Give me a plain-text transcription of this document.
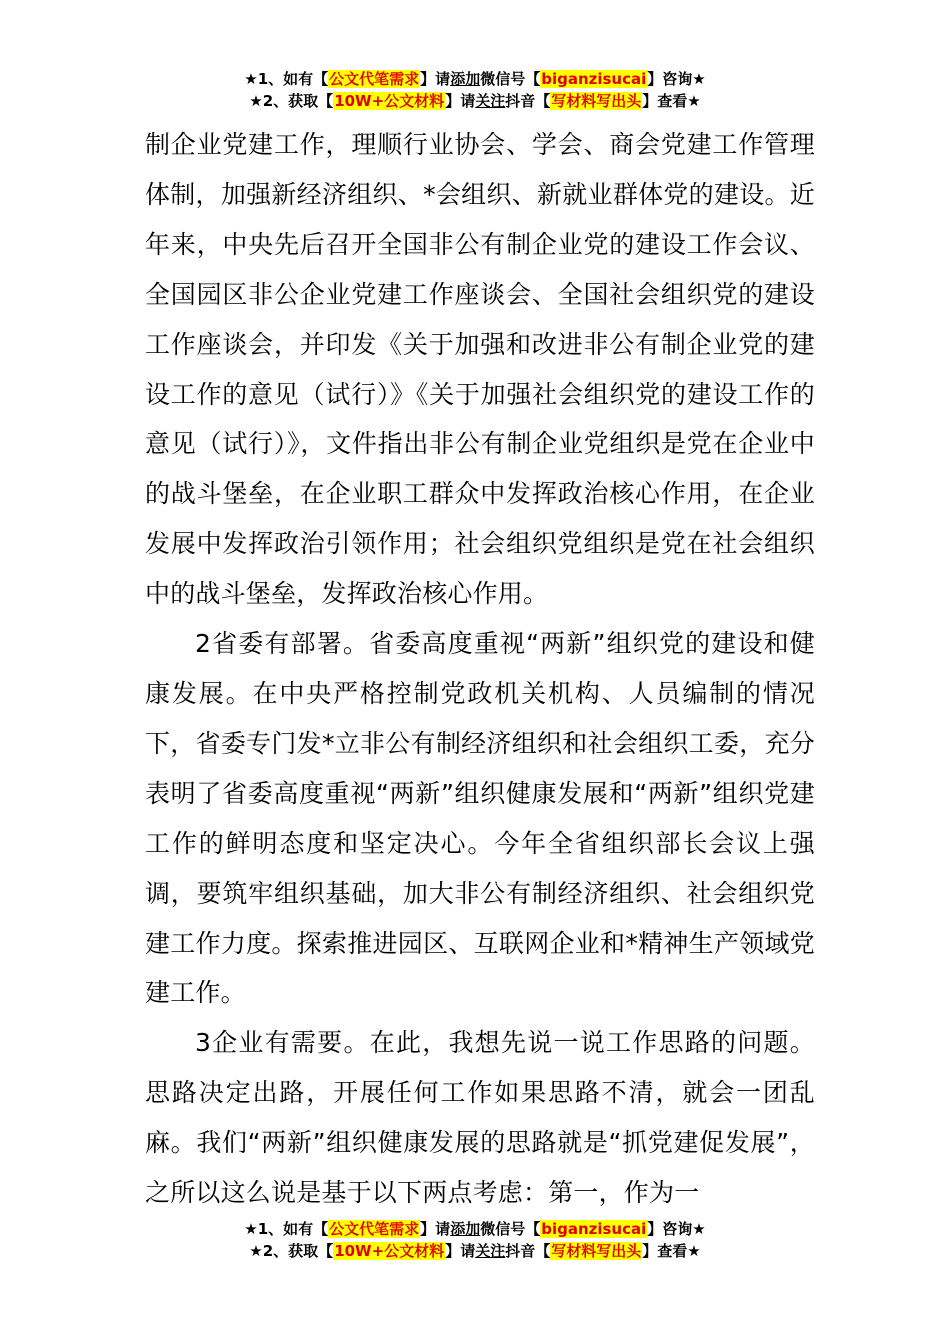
★1、如有【公文代笔需求】请添加微信号【biganzisucai】咨询★
★2、获取【10W+公文材料】请关注抖音【写材料写出头】查看★

制企业党建工作，理顺行业协会、学会、商会党建工作管理体制，加强新经济组织、*会组织、新就业群体党的建设。近年来，中央先后召开全国非公有制企业党的建设工作会议、全国园区非公企业党建工作座谈会、全国社会组织党的建设工作座谈会，并印发《关于加强和改进非公有制企业党的建设工作的意见（试行）》《关于加强社会组织党的建设工作的意见（试行）》，文件指出非公有制企业党组织是党在企业中的战斗堡垒，在企业职工群众中发挥政治核心作用，在企业发展中发挥政治引领作用；社会组织党组织是党在社会组织中的战斗堡垒，发挥政治核心作用。

2省委有部署。省委高度重视“两新”组织党的建设和健康发展。在中央严格控制党政机关机构、人员编制的情况下，省委专门发*立非公有制经济组织和社会组织工委，充分表明了省委高度重视“两新”组织健康发展和“两新”组织党建工作的鲜明态度和坚定决心。今年全省组织部长会议上强调，要筑牢组织基础，加大非公有制经济组织、社会组织党建工作力度。探索推进园区、互联网企业和*精神生产领域党建工作。

3企业有需要。在此，我想先说一说工作思路的问题。思路决定出路，开展任何工作如果思路不清，就会一团乱麻。我们“两新”组织健康发展的思路就是“抓党建促发展”，之所以这么说是基于以下两点考虑：第一，作为一

★1、如有【公文代笔需求】请添加微信号【biganzisucai】咨询★
★2、获取【10W+公文材料】请关注抖音【写材料写出头】查看★
